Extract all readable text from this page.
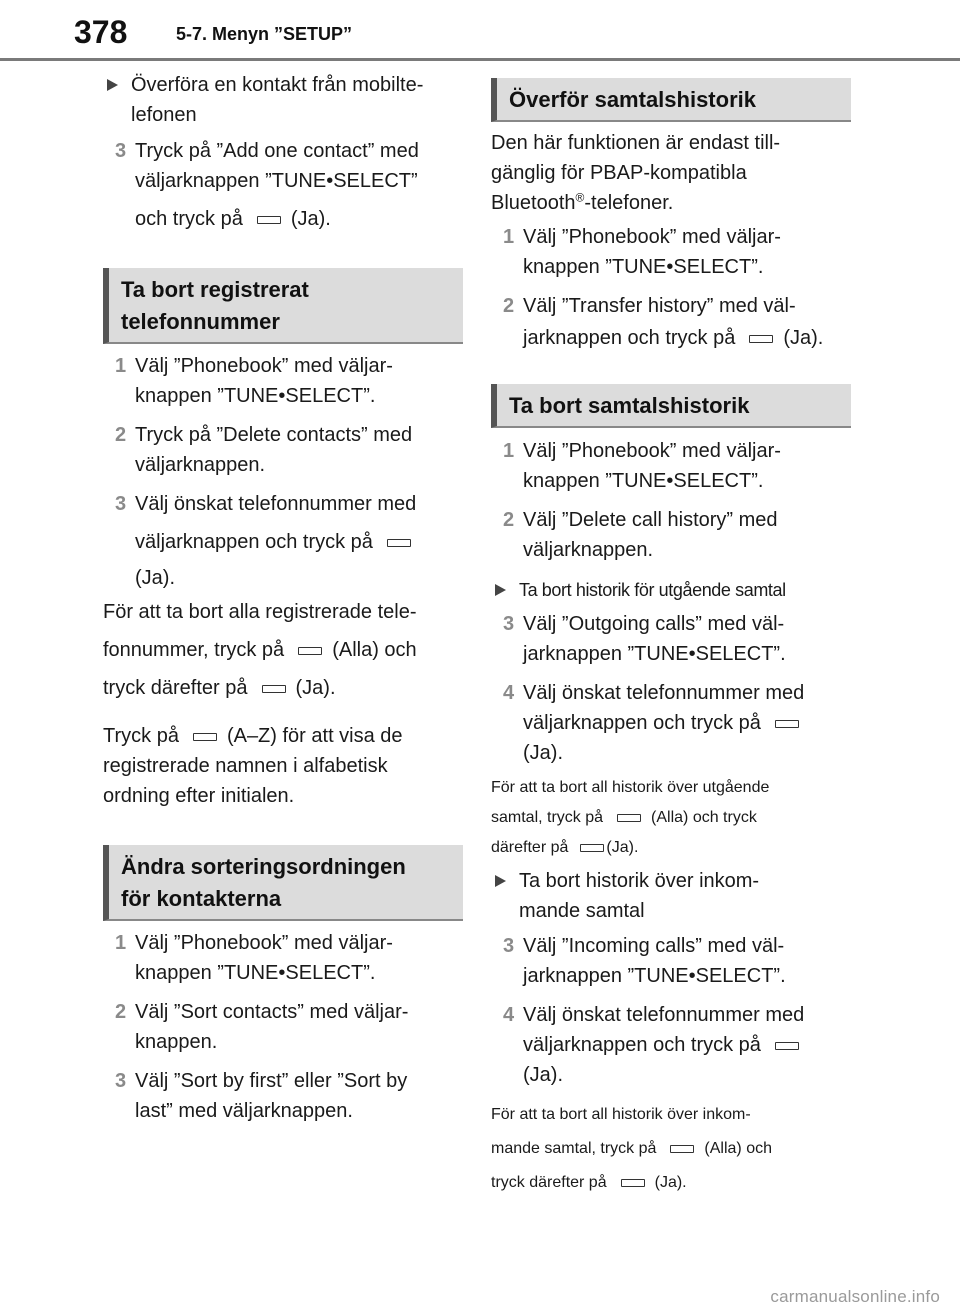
378	5-7. Menyn ”SETUP”
Överföra en kontakt från mobilte-
lefonen
3 Tryck på ”Add one contact” med
väljarknappen ”TUNE•SELECT”
och tryck på (Ja).
Ta bort registrerat
telefonnummer
1 Välj ”Phonebook” med väljar-
knappen ”TUNE•SELECT”.
2 Tryck på ”Delete contacts” med
väljarknappen.
3 Välj önskat telefonnummer med
väljarknappen och tryck på
(Ja).
För att ta bort alla registrerade tele-
fonnummer, tryck på (Alla) och
tryck därefter på (Ja).
Tryck på (A–Z) för att visa de
registrerade namnen i alfabetisk
ordning efter initialen.
Ändra sorteringsordningen
för kontakterna
1 Välj ”Phonebook” med väljar-
knappen ”TUNE•SELECT”.
2 Välj ”Sort contacts” med väljar-
knappen.
3 Välj ”Sort by first” eller ”Sort by
last” med väljarknappen.
Överför samtalshistorik
Den här funktionen är endast till-
gänglig för PBAP-kompatibla
Bluetooth®-telefoner.
1 Välj ”Phonebook” med väljar-
knappen ”TUNE•SELECT”.
2 Välj ”Transfer history” med väl-
jarknappen och tryck på (Ja).
Ta bort samtalshistorik
1 Välj ”Phonebook” med väljar-
knappen ”TUNE•SELECT”.
2 Välj ”Delete call history” med
väljarknappen.
Ta bort historik för utgående samtal
3 Välj ”Outgoing calls” med väl-
jarknappen ”TUNE•SELECT”.
4 Välj önskat telefonnummer med
väljarknappen och tryck på
(Ja).
För att ta bort all historik över utgående
samtal, tryck på	(Alla) och tryck
därefter på (Ja).
Ta bort historik över inkom-
mande samtal
3 Välj ”Incoming calls” med väl-
jarknappen ”TUNE•SELECT”.
4 Välj önskat telefonnummer med
väljarknappen och tryck på
(Ja).
För att ta bort all historik över inkom-
mande samtal, tryck på	(Alla) och
tryck därefter på	(Ja).
carmanualsonline.info
